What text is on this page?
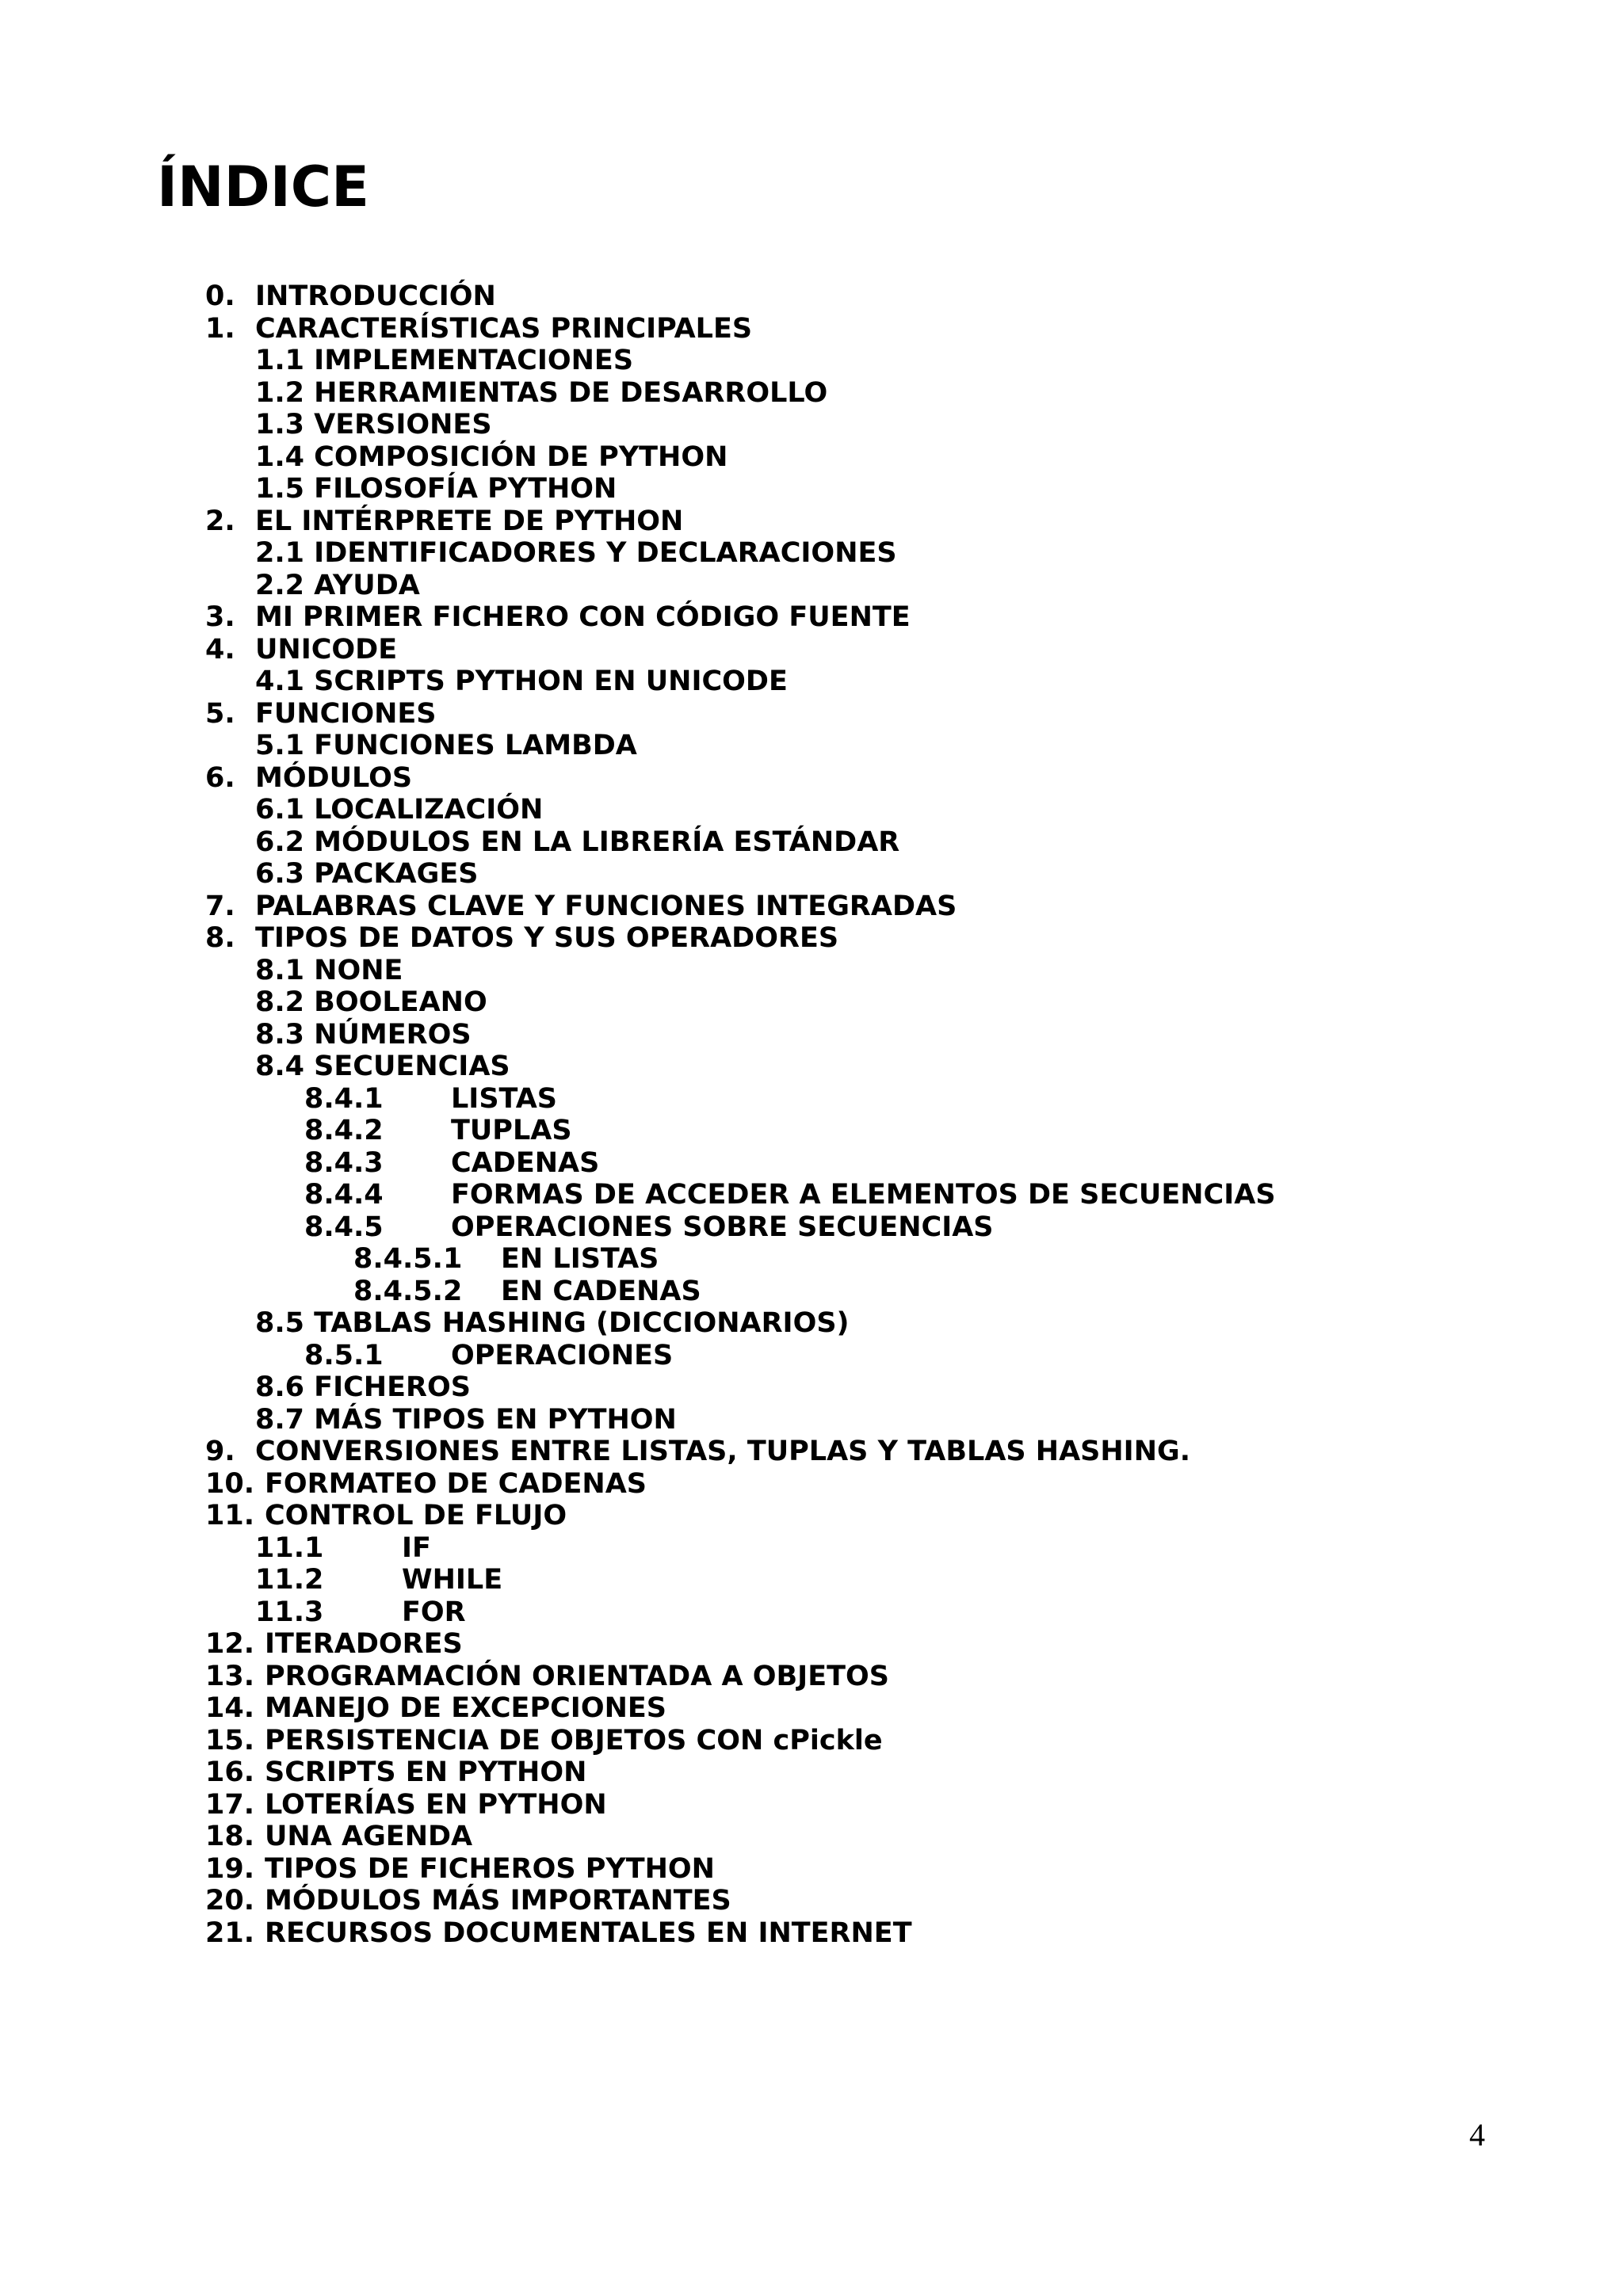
ÍNDICE
0. INTRODUCCIÓN
1. CARACTERÍSTICAS PRINCIPALES
1.1 IMPLEMENTACIONES
1.2 HERRAMIENTAS DE DESARROLLO
1.3 VERSIONES
1.4 COMPOSICIÓN DE PYTHON
1.5 FILOSOFÍA PYTHON
2. EL INTÉRPRETE DE PYTHON
2.1 IDENTIFICADORES Y DECLARACIONES
2.2 AYUDA
3. MI PRIMER FICHERO CON CÓDIGO FUENTE
4. UNICODE
4.1 SCRIPTS PYTHON EN UNICODE
5. FUNCIONES
5.1 FUNCIONES LAMBDA
6. MÓDULOS
6.1 LOCALIZACIÓN
6.2 MÓDULOS EN LA LIBRERÍA ESTÁNDAR
6.3 PACKAGES
7. PALABRAS CLAVE Y FUNCIONES INTEGRADAS
8. TIPOS DE DATOS Y SUS OPERADORES
8.1 NONE
8.2 BOOLEANO
8.3 NÚMEROS
8.4 SECUENCIAS
8.4.1 LISTAS
8.4.2 TUPLAS
8.4.3 CADENAS
8.4.4 FORMAS DE ACCEDER A ELEMENTOS DE SECUENCIAS
8.4.5 OPERACIONES SOBRE SECUENCIAS
8.4.5.1 EN LISTAS
8.4.5.2 EN CADENAS
8.5 TABLAS HASHING (DICCIONARIOS)
8.5.1 OPERACIONES
8.6 FICHEROS
8.7 MÁS TIPOS EN PYTHON
9. CONVERSIONES ENTRE LISTAS, TUPLAS Y TABLAS HASHING.
10. FORMATEO DE CADENAS
11. CONTROL DE FLUJO
11.1	IF
11.2	WHILE
11.3	FOR
12. ITERADORES
13. PROGRAMACIÓN ORIENTADA A OBJETOS
14. MANEJO DE EXCEPCIONES
15. PERSISTENCIA DE OBJETOS CON cPickle
16. SCRIPTS EN PYTHON
17. LOTERÍAS EN PYTHON
18. UNA AGENDA
19. TIPOS DE FICHEROS PYTHON
20. MÓDULOS MÁS IMPORTANTES
21. RECURSOS DOCUMENTALES EN INTERNET
4
